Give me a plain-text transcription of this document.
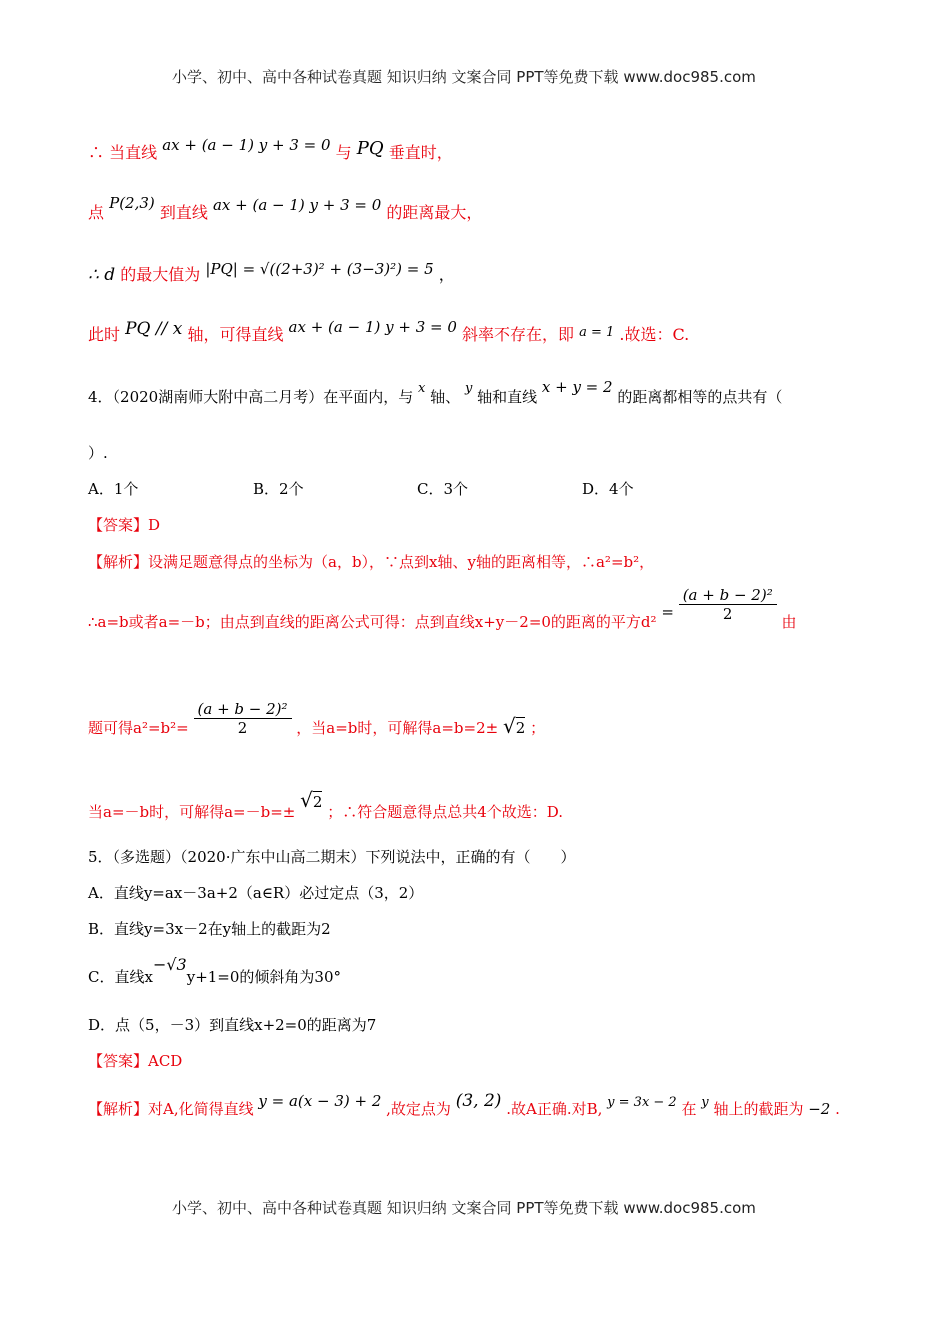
小学、初中、高中各种试卷真题 知识归纳 文案合同 PPT等免费下载 www.doc985.com
∴ 当直线 ax + (a − 1) y + 3 = 0 与 PQ 垂直时，
点 P(2,3) 到直线 ax + (a − 1) y + 3 = 0 的距离最大，
∴ d 的最大值为 |PQ| = √((2+3)² + (3−3)²) = 5 ，
此时 PQ // x 轴，可得直线 ax + (a − 1) y + 3 = 0 斜率不存在，即 $^{a = 1}$ .故选：C.
4．（2020湖南师大附中高二月考）在平面内，与 x 轴、 y 轴和直线 x + y = 2 的距离都相等的点共有（
）.
A．1个	B．2个	C．3个	D．4个
【答案】D
【解析】设满足题意得点的坐标为（a，b），∵点到x轴、y轴的距离相等，∴a²=b²，
∴a=b或者a=－b；由点到直线的距离公式可得：点到直线x+y－2=0的距离的平方$d^2 = \frac{\text{(a + b − 2)²}}{2}$ 由
题可得$a^2=b^2= \frac{\text{(a + b − 2)²}}{2}$ ，当a=b时，可解得a=b=2± √2 ；
当a=－b时，可解得a=－b=± √2 ；∴符合题意得点总共4个故选：D.
5．（多选题）（2020·广东中山高二期末）下列说法中，正确的有（　　）
A．直线y=ax－3a+2（a∈R）必过定点（3，2）
B．直线y=3x－2在y轴上的截距为2
C．直线x−√3y+1=0的倾斜角为30°
D．点（5，－3）到直线x+2=0的距离为7
【答案】ACD
【解析】对A,化简得直线 y = a(x − 3) + 2 ,故定点为 (3, 2) .故A正确.对B, y = 3x − 2 在 y 轴上的截距为 −2 .
小学、初中、高中各种试卷真题 知识归纳 文案合同 PPT等免费下载 www.doc985.com
